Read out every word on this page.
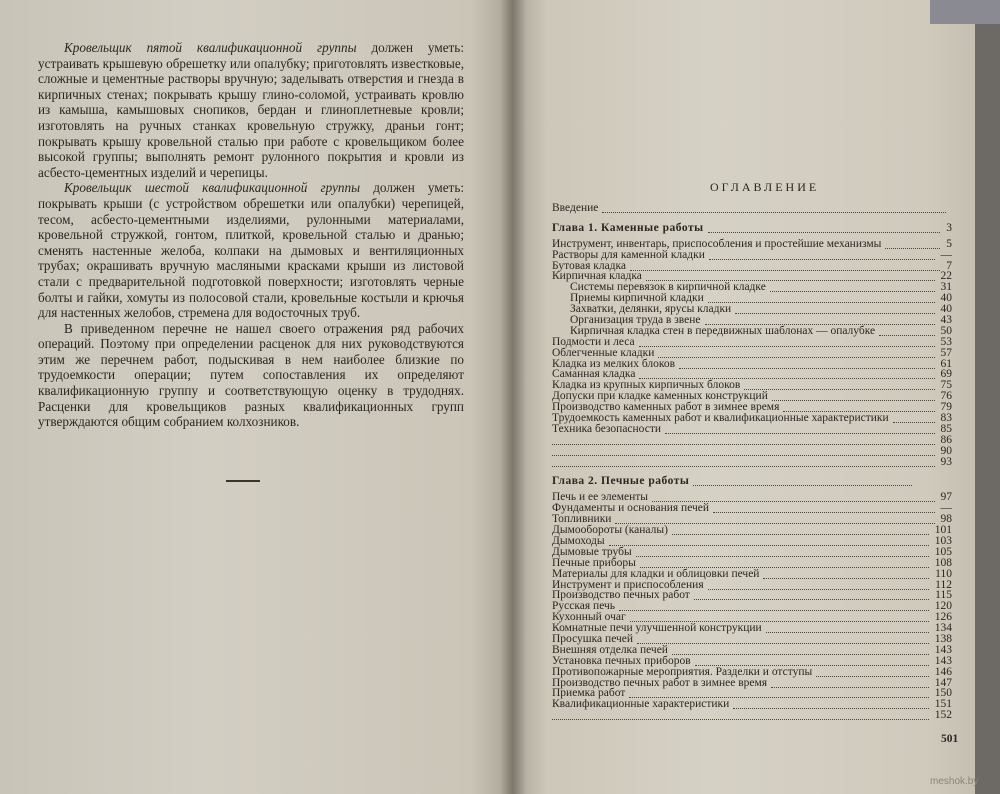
Кровельщик пятой квалификационной группы должен уметь: устраивать крышевую обрешетку или опалубку; приготовлять известковые, сложные и цементные растворы вручную; заделывать отверстия и гнезда в кирпичных стенах; покрывать крышу глино-соломой, устраивать кровлю из камыша, камышовых снопиков, бердан и глиноплетневые кровли; изготовлять на ручных станках кровельную стружку, драньи гонт; покрывать крышу кровельной сталью при работе с кровельщиком более высокой группы; выполнять ремонт рулонного покрытия и кровли из асбесто-цементных изделий и черепицы.

Кровельщик шестой квалификационной группы должен уметь: покрывать крыши (с устройством обрешетки или опалубки) черепицей, тесом, асбесто-цементными изделиями, рулонными материалами, кровельной стружкой, гонтом, плиткой, кровельной сталью и дранью; сменять настенные желоба, колпаки на дымовых и вентиляционных трубах; окрашивать вручную масляными красками крыши из листовой стали с предварительной подготовкой поверхности; изготовлять черные болты и гайки, хомуты из полосовой стали, кровельные костыли и крючья для настенных желобов, стремена для водосточных труб.

В приведенном перечне не нашел своего отражения ряд рабочих операций. Поэтому при определении расценок для них руководствуются этим же перечнем работ, подыскивая в нем наиболее близкие по трудоемкости операции; путем сопоставления их определяют квалификационную группу и соответствующую оценку в трудоднях. Расценки для кровельщиков разных квалификационных групп утверждаются общим собранием колхозников.

ОГЛАВЛЕНИЕ
Введение
Глава 1. Каменные работы	3
Инструмент, инвентарь, приспособления и простейшие механизмы	5
Растворы для каменной кладки	—
Бутовая кладка	7
Кирпичная кладка	22
Системы перевязок в кирпичной кладке	31
Приемы кирпичной кладки	40
Захватки, делянки, ярусы кладки	40
Организация труда в звене	43
Кирпичная кладка стен в передвижных шаблонах — опалубке	50
Подмости и леса	53
Облегченные кладки	57
Кладка из мелких блоков	61
Саманная кладка	69
Кладка из крупных кирпичных блоков	75
Допуски при кладке каменных конструкций	76
Производство каменных работ в зимнее время	79
Трудоемкость каменных работ и квалификационные характеристики	83
Техника безопасности	85
86
90
93
Глава 2. Печные работы
Печь и ее элементы	97
Фундаменты и основания печей	—
Топливники	98
Дымообороты (каналы)	101
Дымоходы	103
Дымовые трубы	105
Печные приборы	108
Материалы для кладки и облицовки печей	110
Инструмент и приспособления	112
Производство печных работ	115
Русская печь	120
Кухонный очаг	126
Комнатные печи улучшенной конструкции	134
Просушка печей	138
Внешняя отделка печей	143
Установка печных приборов	143
Противопожарные мероприятия. Разделки и отступы	146
Производство печных работ в зимнее время	147
Приемка работ	150
Квалификационные характеристики	151
152
501
meshok.by
